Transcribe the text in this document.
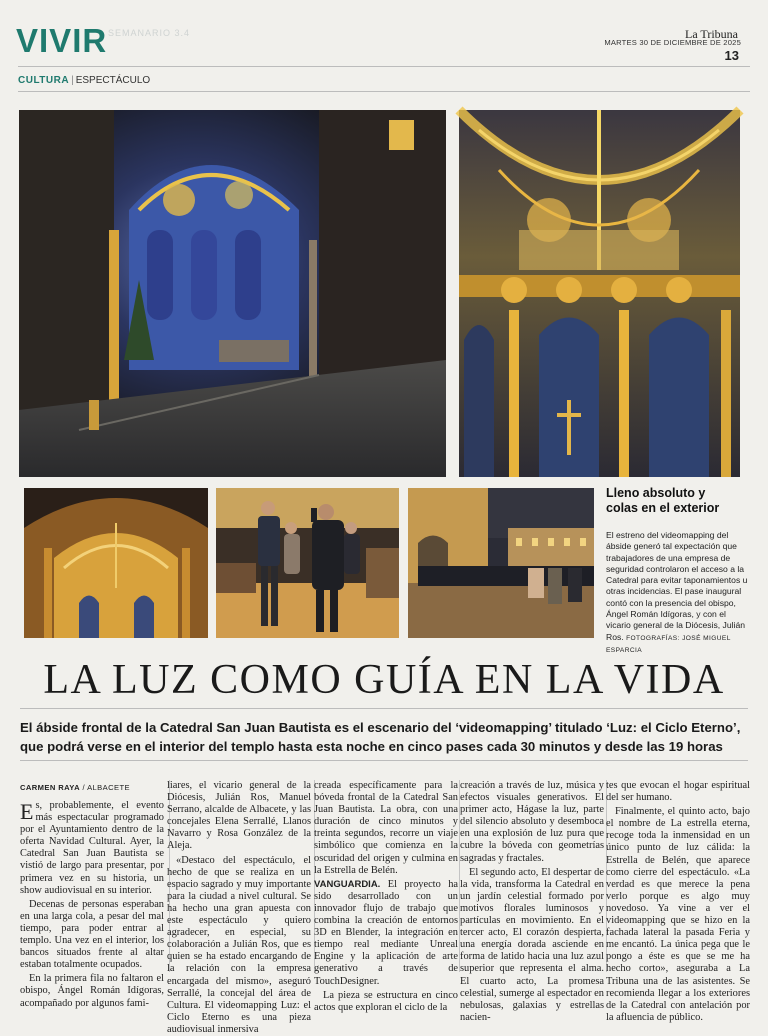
VIVIR SEMANARIO 3.4	La Tribuna
MARTES 30 DE DICIEMBRE DE 2025
13
CULTURA | ESPECTÁCULO
Lleno absoluto y
colas en el exterior
El estreno del videomapping del ábside generó tal expectación que trabajadores de una empresa de seguridad controlaron el acceso a la Catedral para evitar taponamientos u otras incidencias. El pase inaugural contó con la presencia del obispo, Ángel Román Idígoras, y con el vicario general de la Diócesis, Julián Ros. FOTOGRAFÍAS: JOSÉ MIGUEL ESPARCIA
LA LUZ COMO GUÍA EN LA VIDA
El ábside frontal de la Catedral San Juan Bautista es el escenario del ‘videomapping’ titulado ‘Luz: el Ciclo Eterno’,
que podrá verse en el interior del templo hasta esta noche en cinco pases cada 30 minutos y desde las 19 horas
CARMEN RAYA / ALBACETE

Es, probablemente, el evento más espectacular programado por el Ayuntamiento dentro de la oferta Navidad Cultural. Ayer, la Catedral San Juan Bautista se vistió de largo para presentar, por primera vez en su historia, un show audiovisual en su interior.

Decenas de personas esperaban en una larga cola, a pesar del mal tiempo, para poder entrar al templo. Una vez en el interior, los bancos situados frente al altar estaban totalmente ocupados.

En la primera fila no faltaron el obispo, Ángel Román Idígoras, acompañado por algunos fami-

liares, el vicario general de la Diócesis, Julián Ros, Manuel Serrano, alcalde de Albacete, y las concejales Elena Serrallé, Llanos Navarro y Rosa González de la Aleja.

«Destaco del espectáculo, el hecho de que se realiza en un espacio sagrado y muy importante para la ciudad a nivel cultural. Se ha hecho una gran apuesta con este espectáculo y quiero agradecer, en especial, su colaboración a Julián Ros, que es quien se ha estado encargando de la relación con la empresa encargada del mismo», aseguró Serrallé, la concejal del área de Cultura. El videomapping Luz: el Ciclo Eterno es una pieza audiovisual inmersiva

creada específicamente para la bóveda frontal de la Catedral San Juan Bautista. La obra, con una duración de cinco minutos y treinta segundos, recorre un viaje simbólico que comienza en la oscuridad del origen y culmina en la Estrella de Belén.

VANGUARDIA. El proyecto ha sido desarrollado con un innovador flujo de trabajo que combina la creación de entornos 3D en Blender, la integración en tiempo real mediante Unreal Engine y la aplicación de arte generativo a través de TouchDesigner.

La pieza se estructura en cinco actos que exploran el ciclo de la

creación a través de luz, música y efectos visuales generativos. El primer acto, Hágase la luz, parte del silencio absoluto y desemboca en una explosión de luz pura que cubre la bóveda con geometrías sagradas y fractales.

El segundo acto, El despertar de la vida, transforma la Catedral en un jardín celestial formado por motivos florales luminosos y partículas en movimiento. En el tercer acto, El corazón despierta, una energía dorada asciende en forma de latido hacia una luz azul superior que representa el alma. El cuarto acto, La promesa celestial, sumerge al espectador en nebulosas, galaxias y estrellas nacien-

tes que evocan el hogar espiritual del ser humano.

Finalmente, el quinto acto, bajo el nombre de La estrella eterna, recoge toda la inmensidad en un único punto de luz cálida: la Estrella de Belén, que aparece como cierre del espectáculo. «La verdad es que merece la pena verlo porque es algo muy novedoso. Ya vine a ver el videomapping que se hizo en la fachada lateral la pasada Feria y me encantó. La única pega que le pongo a éste es que se me ha hecho corto», aseguraba a La Tribuna una de las asistentes. Se recomienda llegar a los exteriores de la Catedral con antelación por la afluencia de público.
